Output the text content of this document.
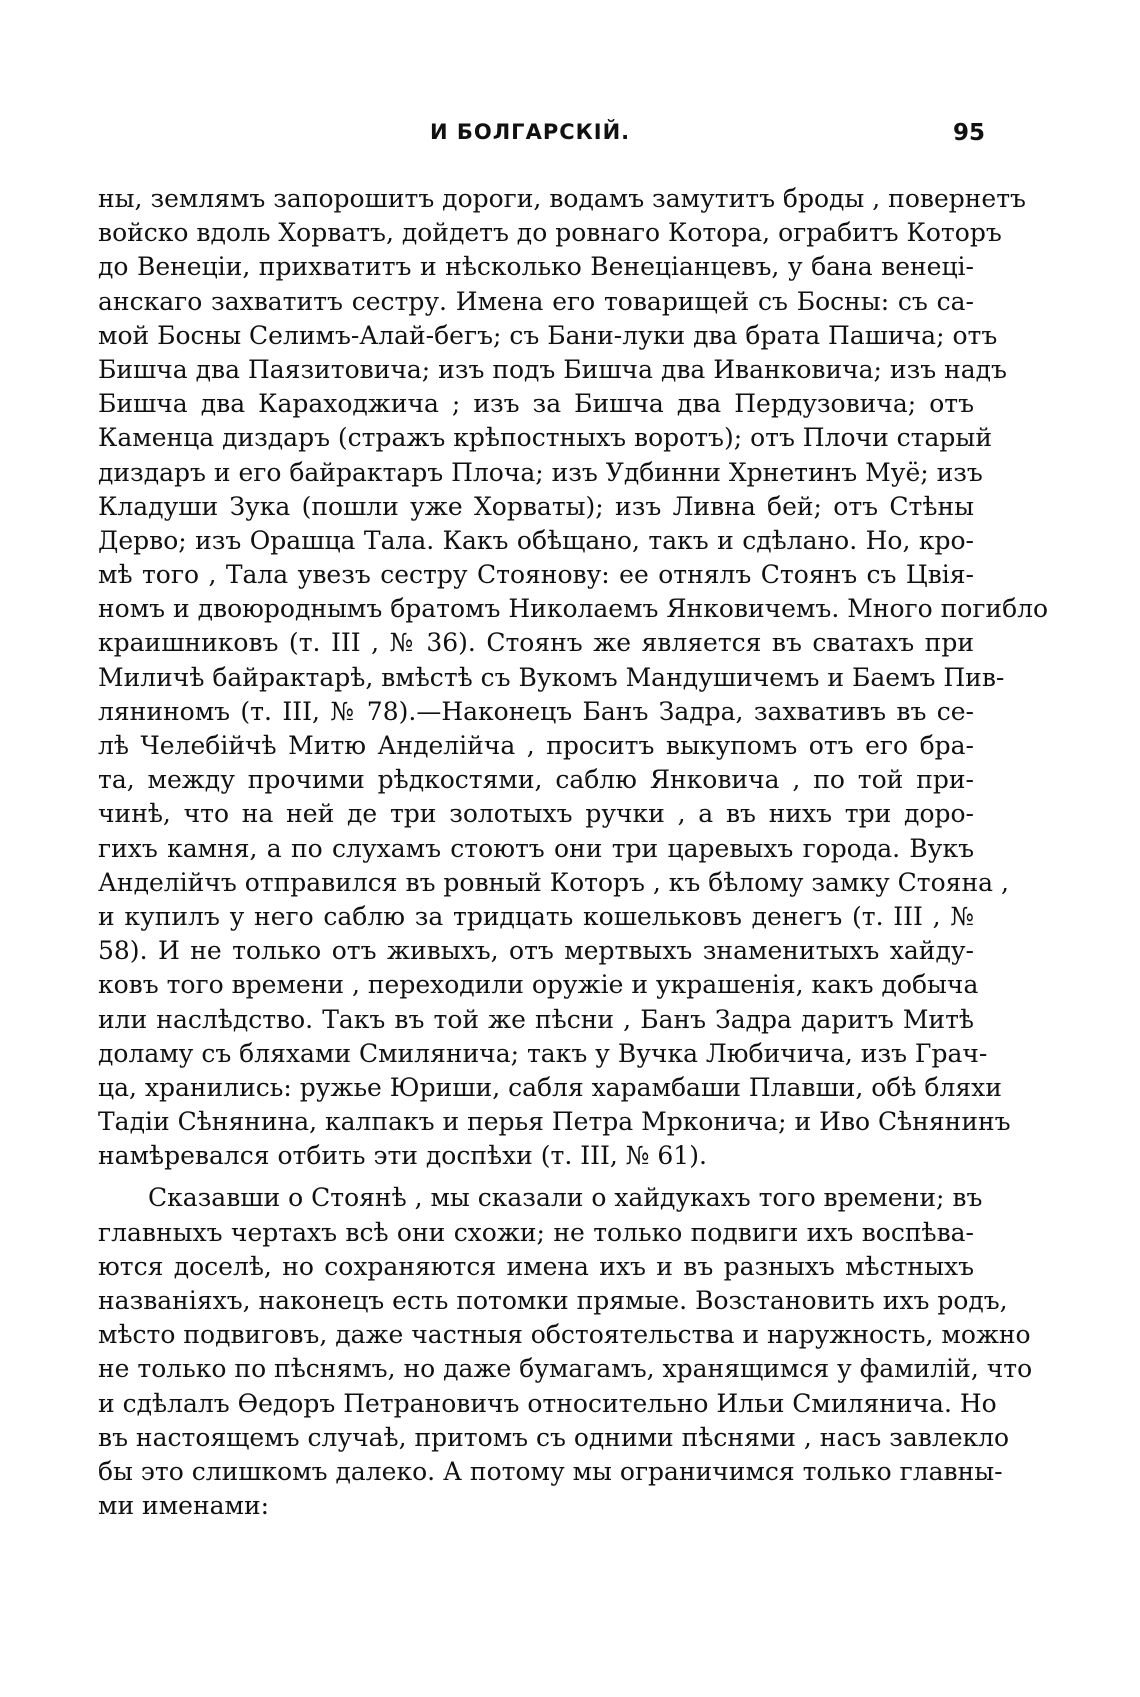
И БОЛГАРСКІЙ.	95
ны, землямъ запорошитъ дороги, водамъ замутитъ броды , повернетъ
войско вдоль Хорватъ, дойдетъ до ровнаго Котора, ограбитъ Которъ
до Венеціи, прихватитъ и нѣсколько Венеціанцевъ, у бана венеці-
анскаго захватитъ сестру. Имена его товарищей съ Босны: съ са-
мой Босны Селимъ-Алай-бегъ; съ Бани-луки два брата Пашича; отъ
Бишча два Паязитовича; изъ подъ Бишча два Иванковича; изъ надъ
Бишча два Караходжича ; изъ за Бишча два Пердузовича; отъ
Каменца диздаръ (стражъ крѣпостныхъ воротъ); отъ Плочи старый
диздаръ и его байрактаръ Плоча; изъ Удбинни Хрнетинъ Муё; изъ
Кладуши Зука (пошли уже Хорваты); изъ Ливна бей; отъ Стѣны
Дерво; изъ Орашца Тала. Какъ обѣщано, такъ и сдѣлано. Но, кро-
мѣ того , Тала увезъ сестру Стоянову: ее отнялъ Стоянъ съ Цвія-
номъ и двоюроднымъ братомъ Николаемъ Янковичемъ. Много погибло
краишниковъ (т. III , № 36). Стоянъ же является въ сватахъ при
Миличѣ байрактарѣ, вмѣстѣ съ Вукомъ Мандушичемъ и Баемъ Пив-
ляниномъ (т. III, № 78).—Наконецъ Банъ Задра, захвативъ въ се-
лѣ Челебійчѣ Митю Анделійча , проситъ выкупомъ отъ его бра-
та, между прочими рѣдкостями, саблю Янковича , по той при-
чинѣ, что на ней де три золотыхъ ручки , а въ нихъ три доро-
гихъ камня, а по слухамъ стоютъ они три царевыхъ города. Вукъ
Анделійчъ отправился въ ровный Которъ , къ бѣлому замку Стояна ,
и купилъ у него саблю за тридцать кошельковъ денегъ (т. III , №
58). И не только отъ живыхъ, отъ мертвыхъ знаменитыхъ хайду-
ковъ того времени , переходили оружіе и украшенія, какъ добыча
или наслѣдство. Такъ въ той же пѣсни , Банъ Задра даритъ Митѣ
доламу съ бляхами Смилянича; такъ у Вучка Любичича, изъ Грач-
ца, хранились: ружье Юриши, сабля харамбаши Плавши, обѣ бляхи
Тадіи Сѣнянина, калпакъ и перья Петра Мрконича; и Иво Сѣнянинъ
намѣревался отбить эти доспѣхи (т. III, № 61).
Сказавши о Стоянѣ , мы сказали о хайдукахъ того времени; въ
главныхъ чертахъ всѣ они схожи; не только подвиги ихъ воспѣва-
ются доселѣ, но сохраняются имена ихъ и въ разныхъ мѣстныхъ
названіяхъ, наконецъ есть потомки прямые. Возстановить ихъ родъ,
мѣсто подвиговъ, даже частныя обстоятельства и наружность, можно
не только по пѣснямъ, но даже бумагамъ, хранящимся у фамилій, что
и сдѣлалъ Ѳедоръ Петрановичъ относительно Ильи Смилянича. Но
въ настоящемъ случаѣ, притомъ съ одними пѣснями , насъ завлекло
бы это слишкомъ далеко. А потому мы ограничимся только главны-
ми именами:
